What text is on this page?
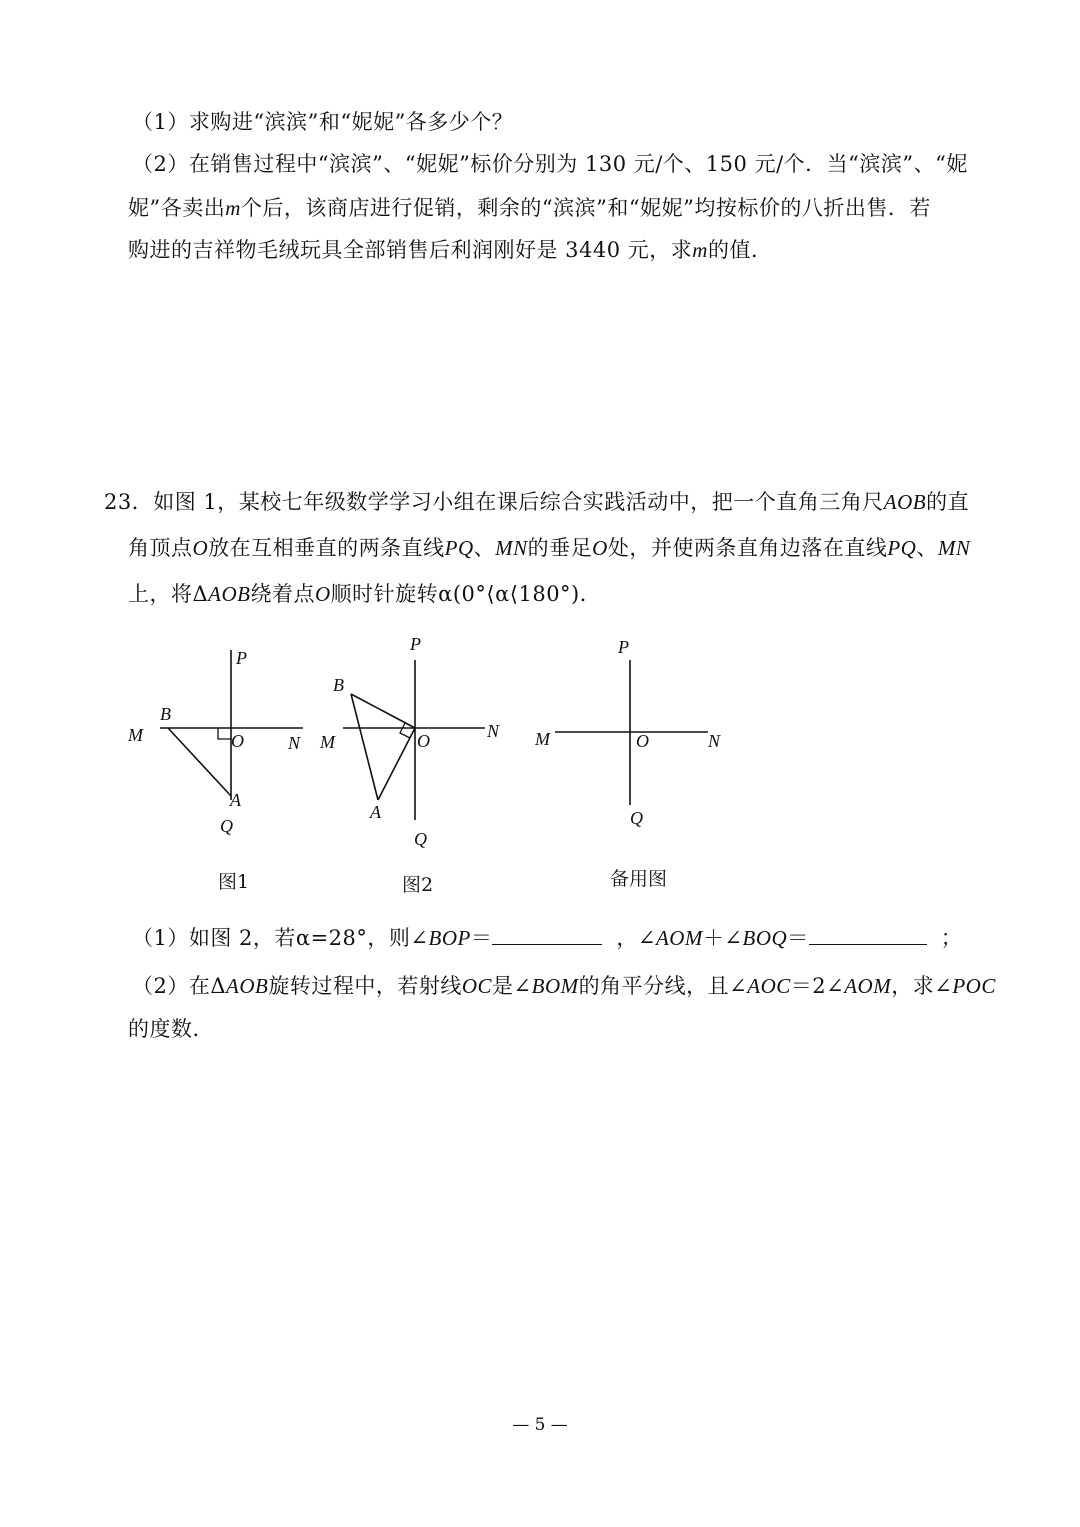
（1）求购进“滨滨”和“妮妮”各多少个？
（2）在销售过程中“滨滨”、“妮妮”标价分别为 130 元/个、150 元/个．当“滨滨”、“妮
妮”各卖出m个后，该商店进行促销，剩余的“滨滨”和“妮妮”均按标价的八折出售．若
购进的吉祥物毛绒玩具全部销售后利润刚好是 3440 元，求m的值．
23．如图 1，某校七年级数学学习小组在课后综合实践活动中，把一个直角三角尺AOB的直
角顶点O放在互相垂直的两条直线PQ、MN的垂足O处，并使两条直角边落在直线PQ、MN
上，将ΔAOB绕着点O顺时针旋转α(0°⟨α⟨180°)．
P
M
B
O N
A
Q
图1
P
B
M	O	N
A
Q
图2
P
M	O	N
Q
备用图
（1）如图 2，若α=28°，则∠BOP＝	，∠AOM＋∠BOQ＝	；
（2）在ΔAOB旋转过程中，若射线OC是∠BOM的角平分线，且∠AOC＝2∠AOM，求∠POC
的度数．
— 5 —
